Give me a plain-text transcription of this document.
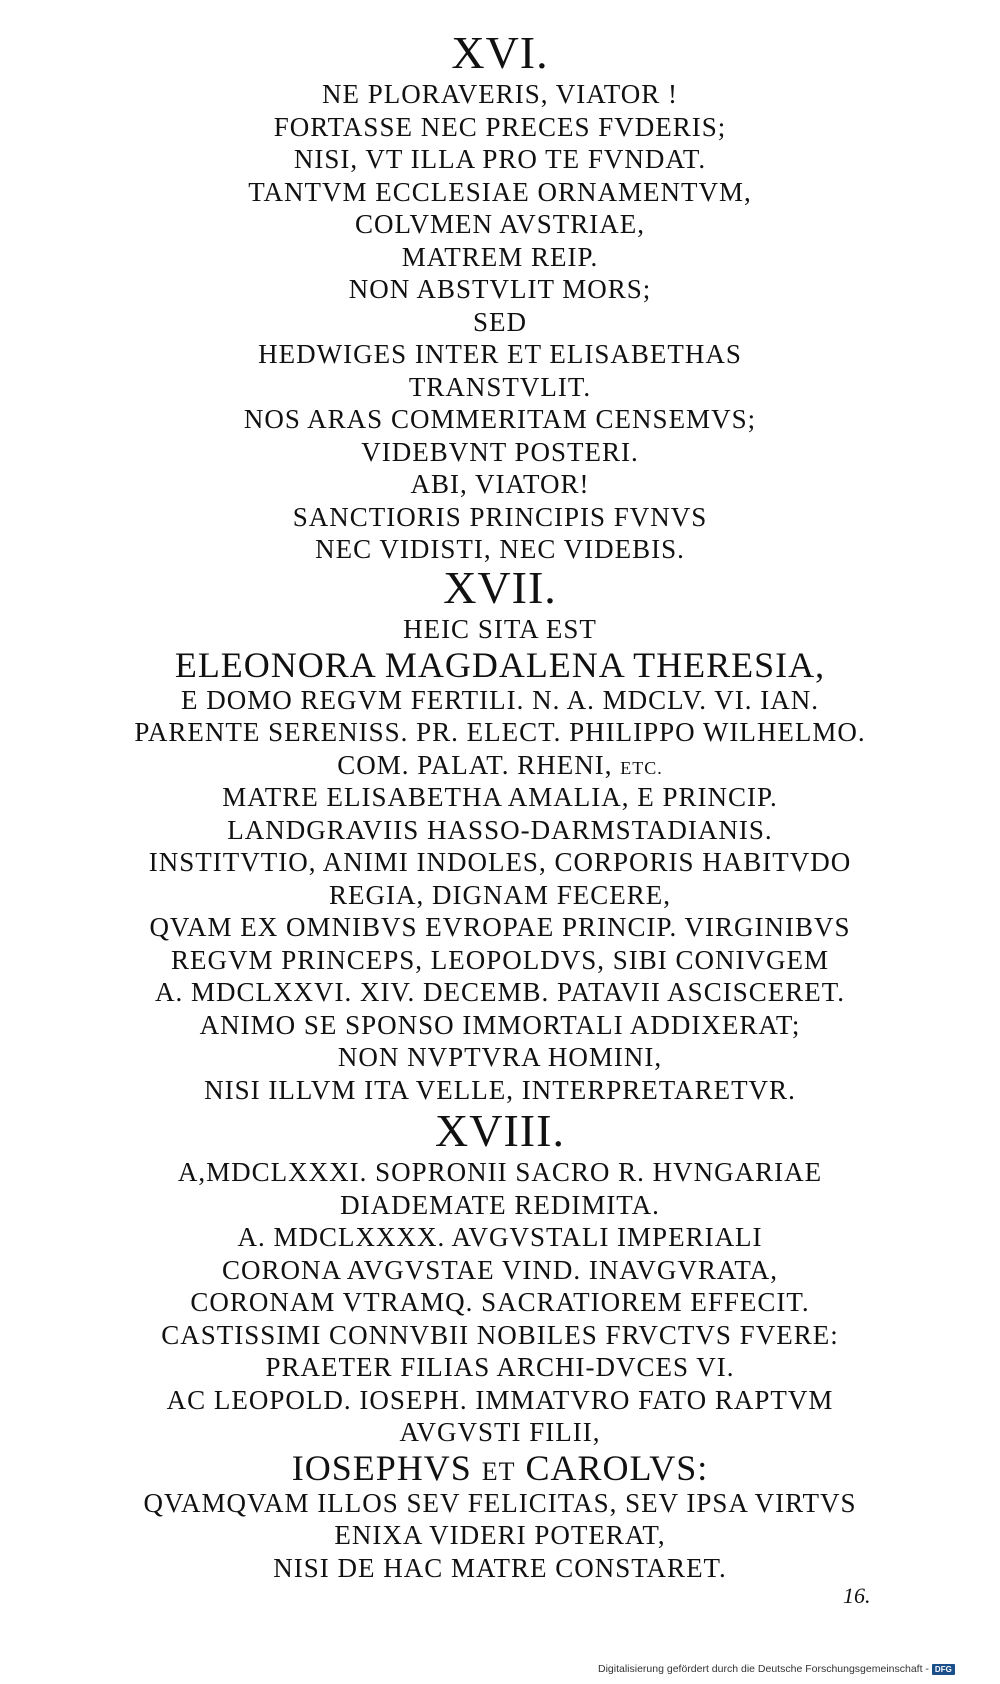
XVI.
NE PLORAVERIS, VIATOR !
FORTASSE NEC PRECES FVDERIS;
NISI, VT ILLA PRO TE FVNDAT.
TANTVM ECCLESIAE ORNAMENTVM,
COLVMEN AVSTRIAE,
MATREM REIP.
NON ABSTVLIT MORS;
SED
HEDWIGES INTER ET ELISABETHAS
TRANSTVLIT.
NOS ARAS COMMERITAM CENSEMVS;
VIDEBVNT POSTERI.
ABI, VIATOR!
SANCTIORIS PRINCIPIS FVNVS
NEC VIDISTI, NEC VIDEBIS.
XVII.
HEIC SITA EST
ELEONORA MAGDALENA THERESIA,
E DOMO REGVM FERTILI. N. A. MDCLV. VI. IAN.
PARENTE SERENISS. PR. ELECT. PHILIPPO WILHELMO.
COM. PALAT. RHENI, ETC.
MATRE ELISABETHA AMALIA, E PRINCIP.
LANDGRAVIIS HASSO-DARMSTADIANIS.
INSTITVTIO, ANIMI INDOLES, CORPORIS HABITVDO
REGIA, DIGNAM FECERE,
QVAM EX OMNIBVS EVROPAE PRINCIP. VIRGINIBVS
REGVM PRINCEPS, LEOPOLDVS, SIBI CONIVGEM
A. MDCLXXVI. XIV. DECEMB. PATAVII ASCISCERET.
ANIMO SE SPONSO IMMORTALI ADDIXERAT;
NON NVPTVRA HOMINI,
NISI ILLVM ITA VELLE, INTERPRETARETVR.
XVIII.
A,MDCLXXXI. SOPRONII SACRO R. HVNGARIAE
DIADEMATE REDIMITA.
A. MDCLXXXX. AVGVSTALI IMPERIALI
CORONA AVGVSTAE VIND. INAVGVRATA,
CORONAM VTRAMQ. SACRATIOREM EFFECIT.
CASTISSIMI CONNVBII NOBILES FRVCTVS FVERE:
PRAETER FILIAS ARCHI-DVCES VI.
AC LEOPOLD. IOSEPH. IMMATVRO FATO RAPTVM
AVGVSTI FILII,
IOSEPHVS ET CAROLVS:
QVAMQVAM ILLOS SEV FELICITAS, SEV IPSA VIRTVS
ENIXA VIDERI POTERAT,
NISI DE HAC MATRE CONSTARET.
16.
Digitalisierung gefördert durch die Deutsche Forschungsgemeinschaft - DFG
